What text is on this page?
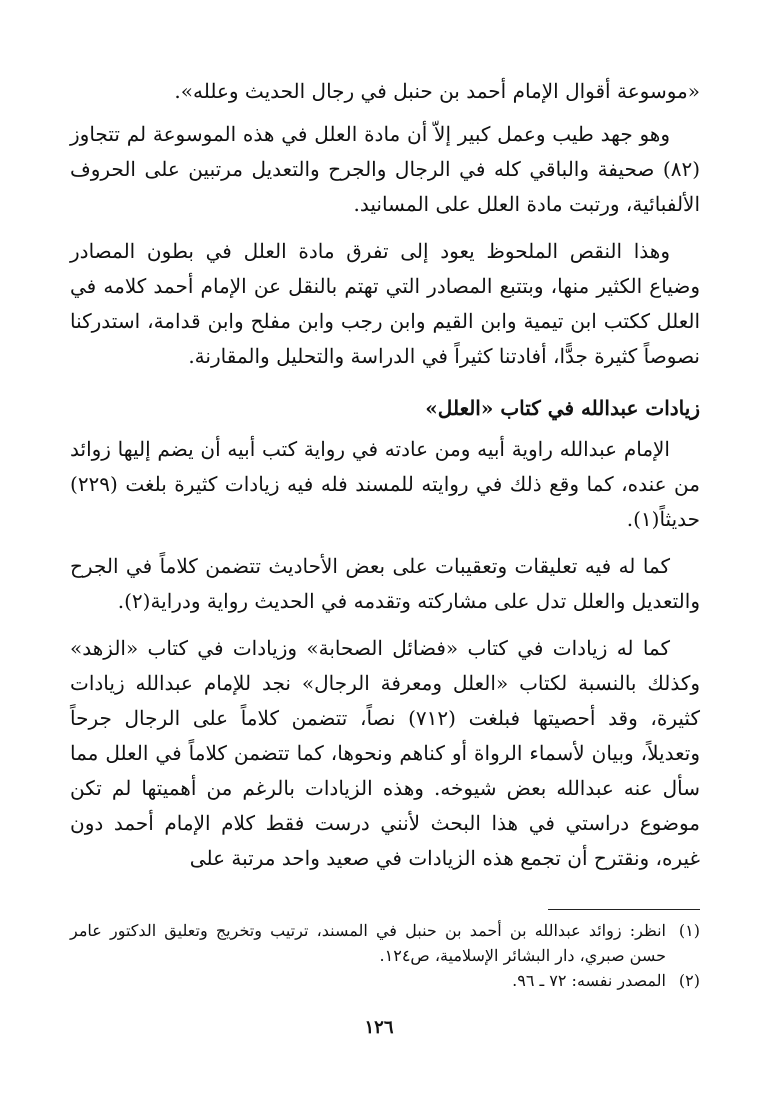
«موسوعة أقوال الإمام أحمد بن حنبل في رجال الحديث وعلله».

وهو جهد طيب وعمل كبير إلاّ أن مادة العلل في هذه الموسوعة لم تتجاوز (٨٢) صحيفة والباقي كله في الرجال والجرح والتعديل مرتبين على الحروف الألفبائية، ورتبت مادة العلل على المسانيد.

وهذا النقص الملحوظ يعود إلى تفرق مادة العلل في بطون المصادر وضياع الكثير منها، وبتتبع المصادر التي تهتم بالنقل عن الإمام أحمد كلامه في العلل ككتب ابن تيمية وابن القيم وابن رجب وابن مفلح وابن قدامة، استدركنا نصوصاً كثيرة جدًّا، أفادتنا كثيراً في الدراسة والتحليل والمقارنة.

زيادات عبدالله في كتاب «العلل»

الإمام عبدالله راوية أبيه ومن عادته في رواية كتب أبيه أن يضم إليها زوائد من عنده، كما وقع ذلك في روايته للمسند فله فيه زيادات كثيرة بلغت (٢٢٩) حديثاً(١).

كما له فيه تعليقات وتعقيبات على بعض الأحاديث تتضمن كلاماً في الجرح والتعديل والعلل تدل على مشاركته وتقدمه في الحديث رواية ودراية(٢).

كما له زيادات في كتاب «فضائل الصحابة» وزيادات في كتاب «الزهد» وكذلك بالنسبة لكتاب «العلل ومعرفة الرجال» نجد للإمام عبدالله زيادات كثيرة، وقد أحصيتها فبلغت (٧١٢) نصاً، تتضمن كلاماً على الرجال جرحاً وتعديلاً، وبيان لأسماء الرواة أو كناهم ونحوها، كما تتضمن كلاماً في العلل مما سأل عنه عبدالله بعض شيوخه. وهذه الزيادات بالرغم من أهميتها لم تكن موضوع دراستي في هذا البحث لأنني درست فقط كلام الإمام أحمد دون غيره، ونقترح أن تجمع هذه الزيادات في صعيد واحد مرتبة على

(١)انظر: زوائد عبدالله بن أحمد بن حنبل في المسند، ترتيب وتخريج وتعليق الدكتور عامر حسن صبري، دار البشائر الإسلامية، ص١٢٤.

(٢)المصدر نفسه: ٧٢ ـ ٩٦.

١٢٦
